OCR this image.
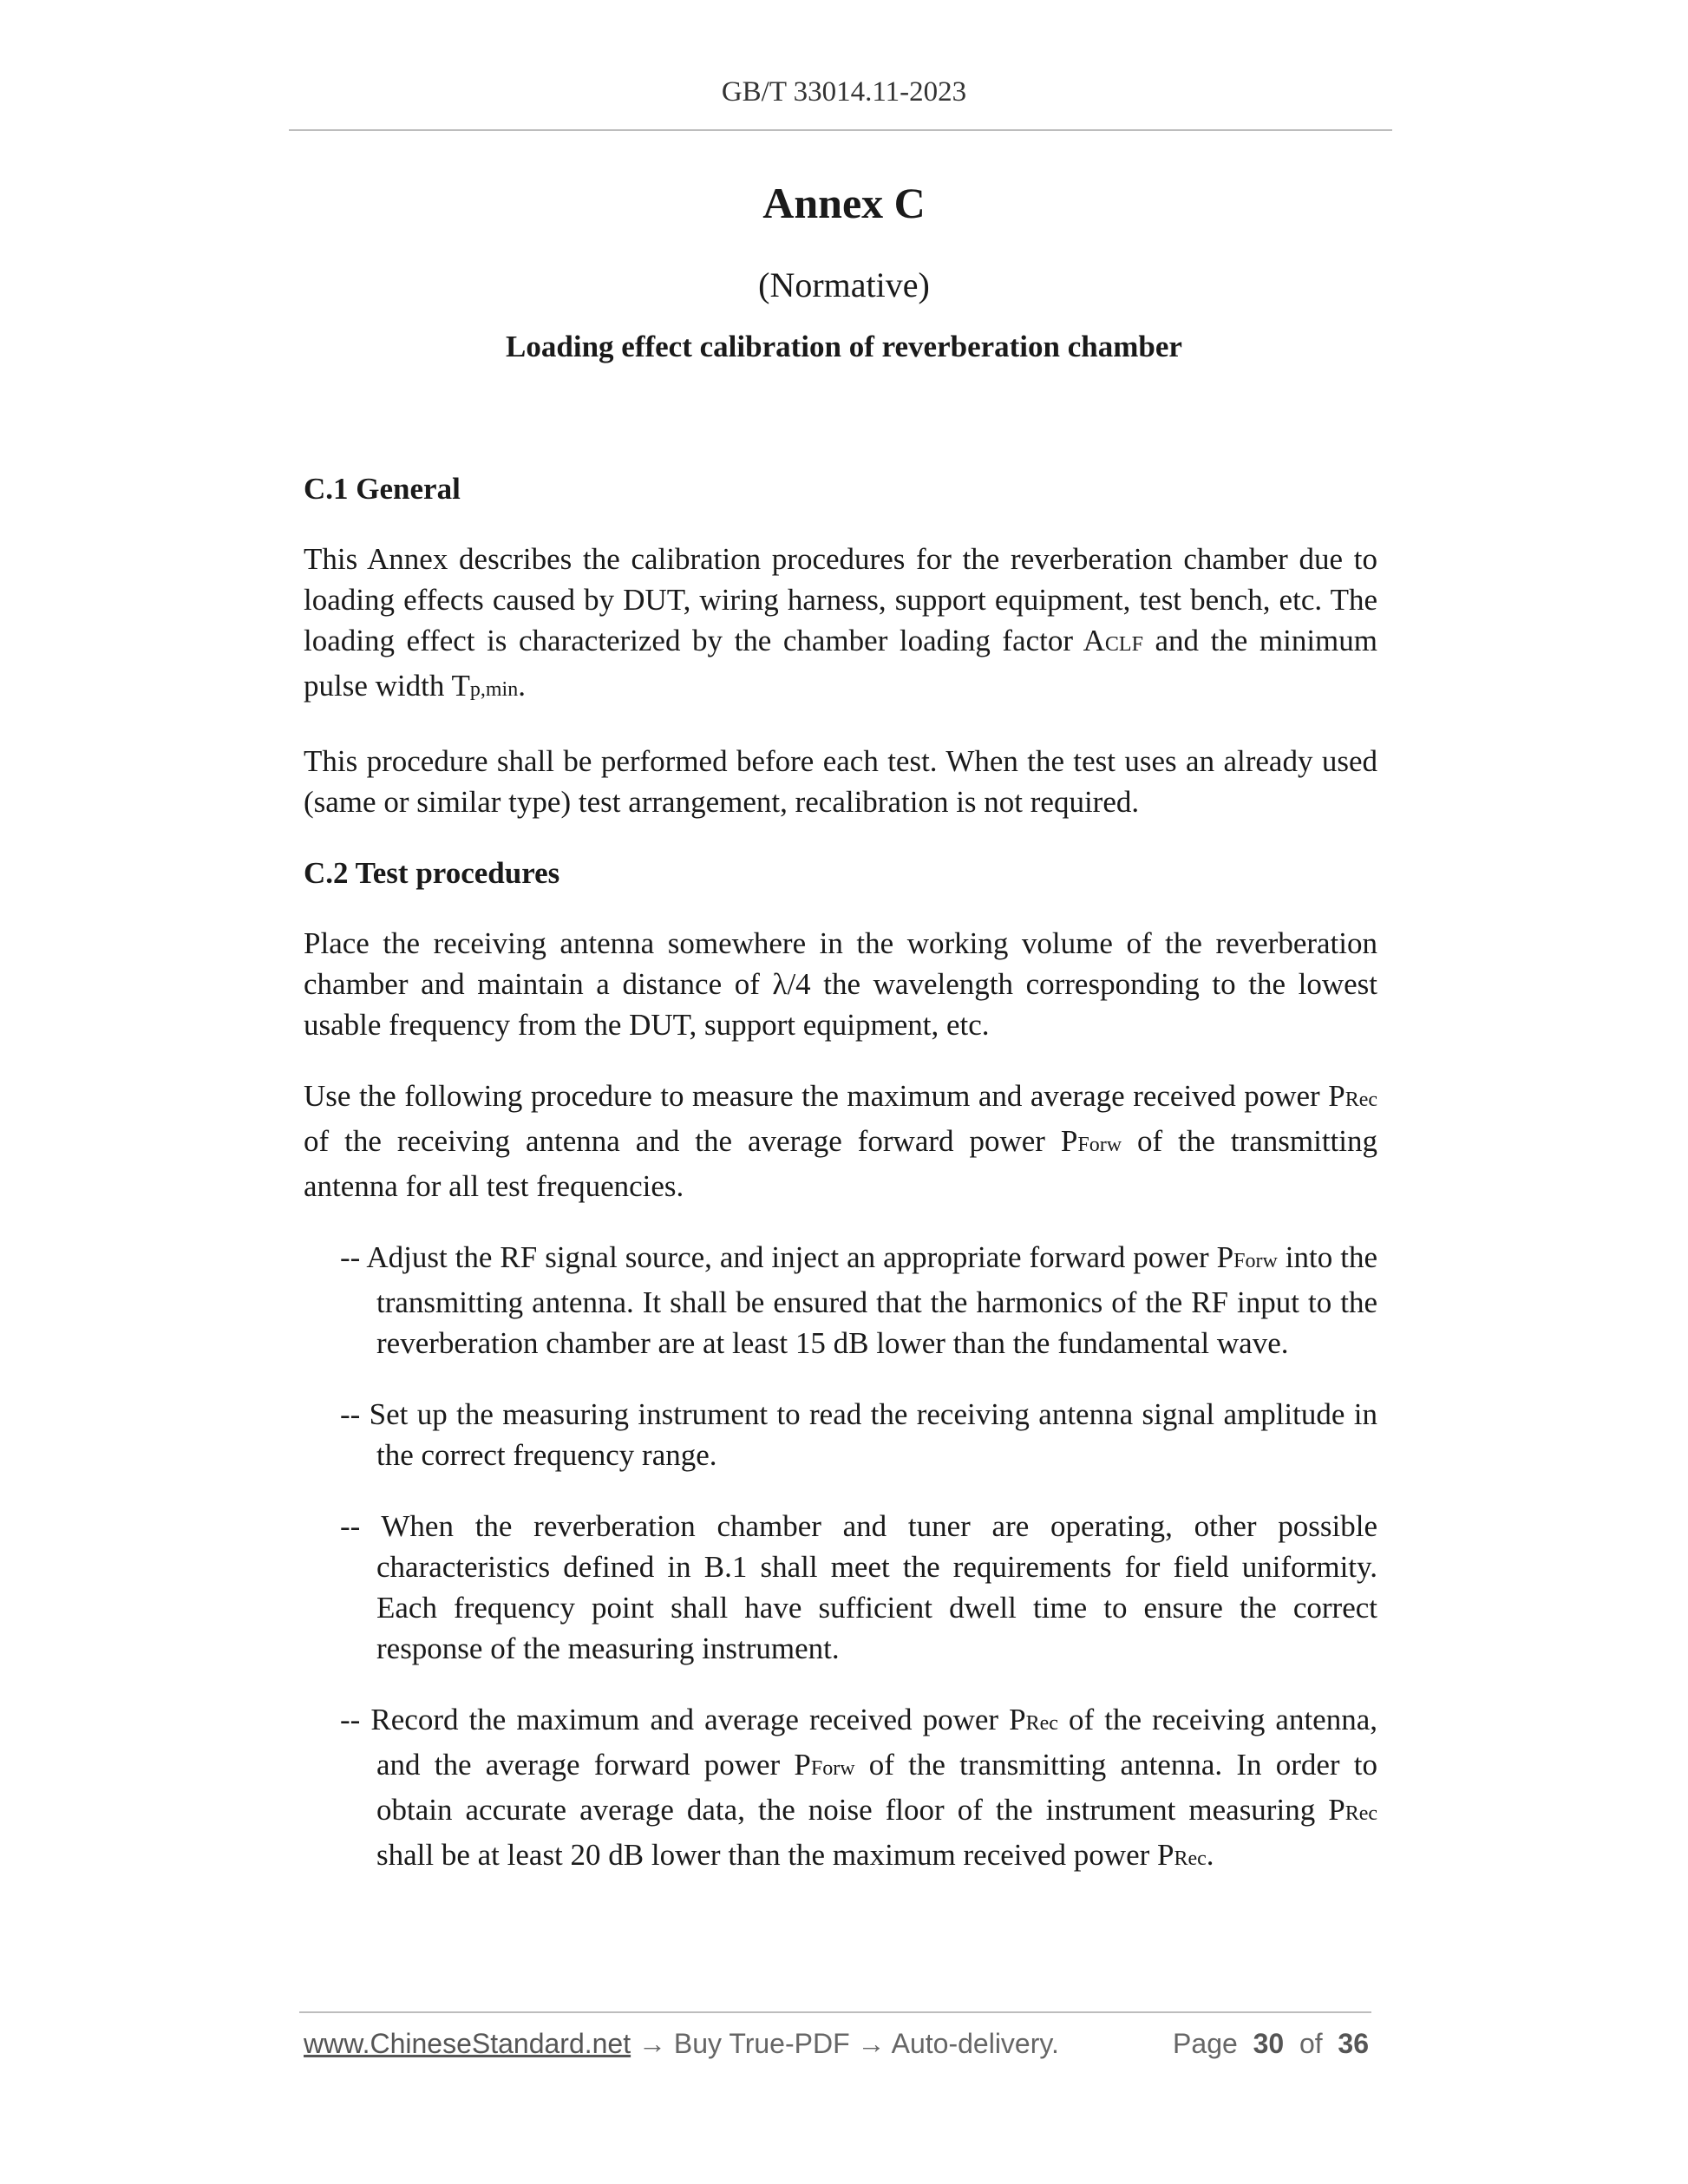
GB/T 33014.11-2023
Annex C
(Normative)
Loading effect calibration of reverberation chamber
C.1 General

This Annex describes the calibration procedures for the reverberation chamber due to loading effects caused by DUT, wiring harness, support equipment, test bench, etc. The loading effect is characterized by the chamber loading factor ACLF and the minimum pulse width Tp,min.

This procedure shall be performed before each test. When the test uses an already used (same or similar type) test arrangement, recalibration is not required.

C.2 Test procedures

Place the receiving antenna somewhere in the working volume of the reverberation chamber and maintain a distance of λ/4 the wavelength corresponding to the lowest usable frequency from the DUT, support equipment, etc.

Use the following procedure to measure the maximum and average received power PRec of the receiving antenna and the average forward power PForw of the transmitting antenna for all test frequencies.

-- Adjust the RF signal source, and inject an appropriate forward power PForw into the transmitting antenna. It shall be ensured that the harmonics of the RF input to the reverberation chamber are at least 15 dB lower than the fundamental wave.
-- Set up the measuring instrument to read the receiving antenna signal amplitude in the correct frequency range.
-- When the reverberation chamber and tuner are operating, other possible characteristics defined in B.1 shall meet the requirements for field uniformity. Each frequency point shall have sufficient dwell time to ensure the correct response of the measuring instrument.
-- Record the maximum and average received power PRec of the receiving antenna, and the average forward power PForw of the transmitting antenna. In order to obtain accurate average data, the noise floor of the instrument measuring PRec shall be at least 20 dB lower than the maximum received power PRec.
www.ChineseStandard.net → Buy True-PDF → Auto-delivery.	Page 30 of 36
